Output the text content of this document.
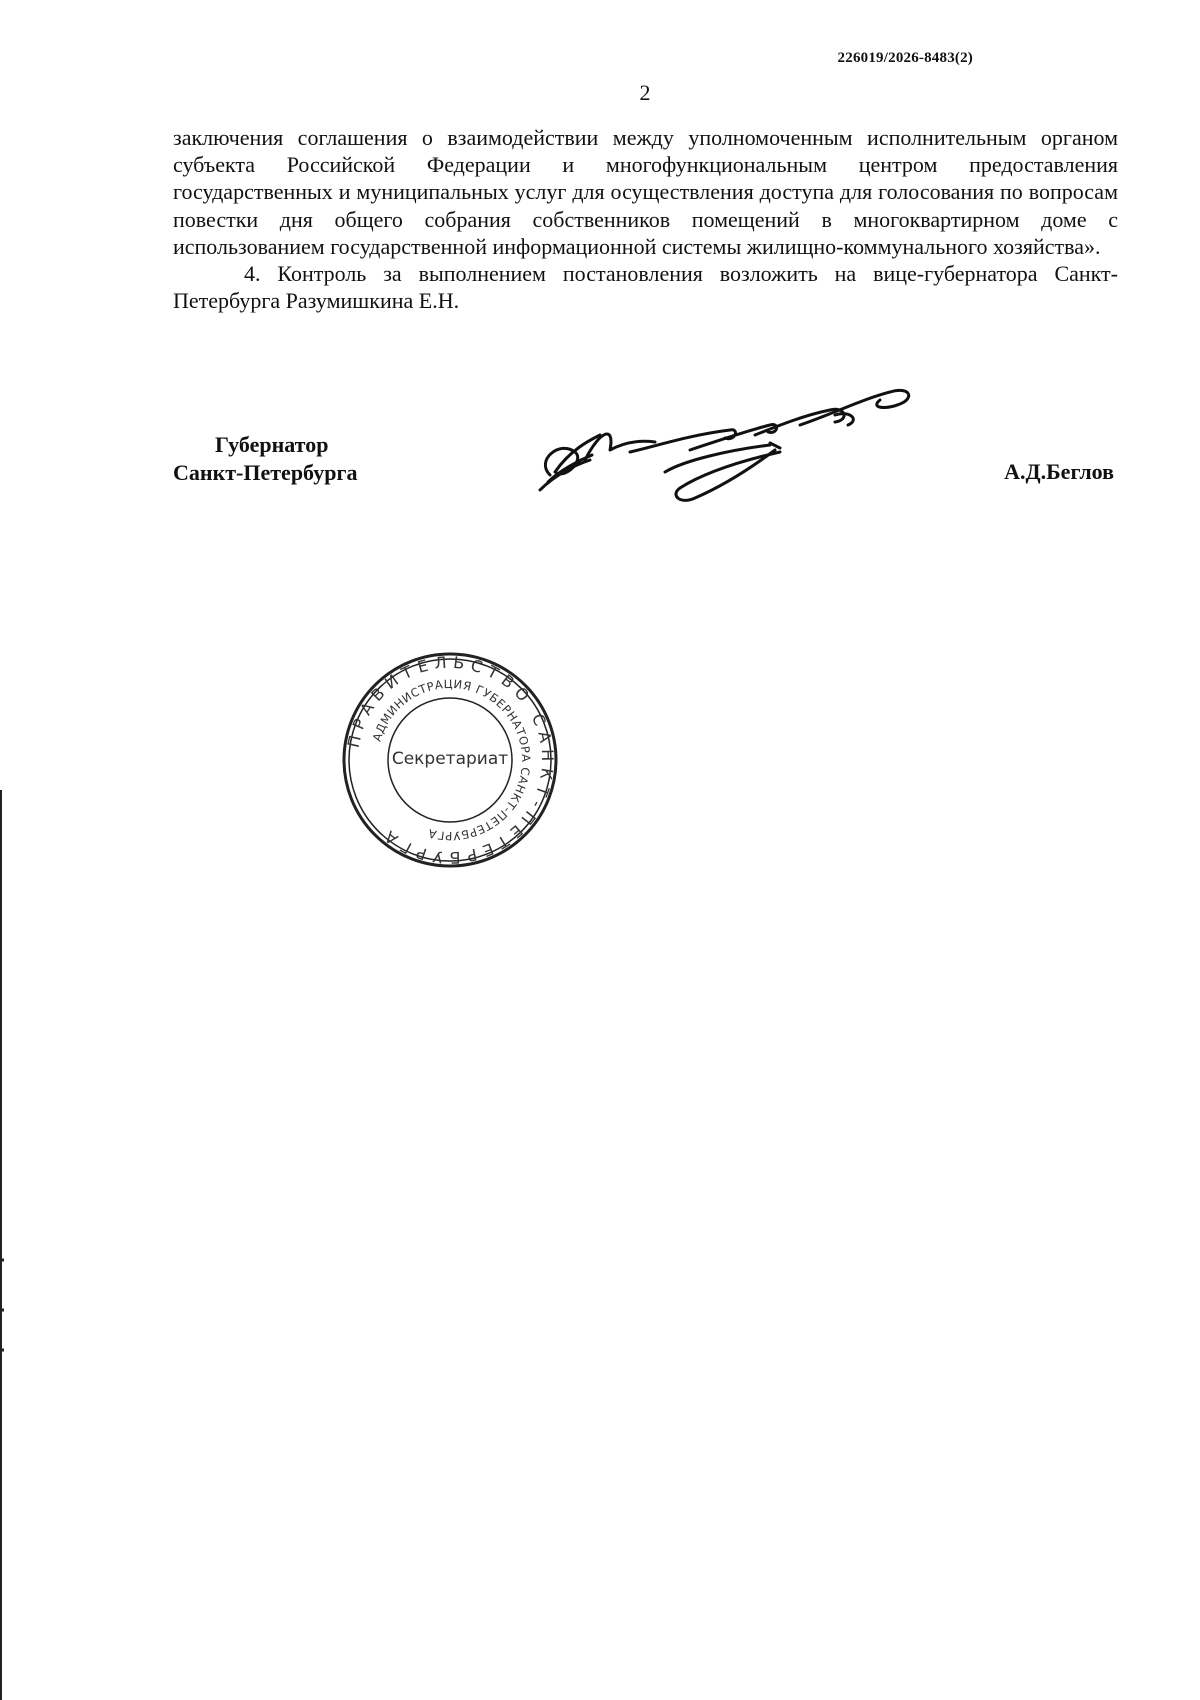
226019/2026-8483(2)
2

заключения соглашения о взаимодействии между уполномоченным исполнительным органом субъекта Российской Федерации и многофункциональным центром предоставления государственных и муниципальных услуг для осуществления доступа для голосования по вопросам повестки дня общего собрания собственников помещений в многоквартирном доме с использованием государственной информационной системы жилищно-коммунального хозяйства».

4. Контроль за выполнением постановления возложить на вице-губернатора Санкт-Петербурга Разумишкина Е.Н.

Губернатор
Санкт-Петербурга	А.Д.Беглов
ПРАВИТЕЛЬСТВО САНКТ-ПЕТЕРБУРГА
АДМИНИСТРАЦИЯ ГУБЕРНАТОРА САНКТ-ПЕТЕРБУРГА
Секретариат
